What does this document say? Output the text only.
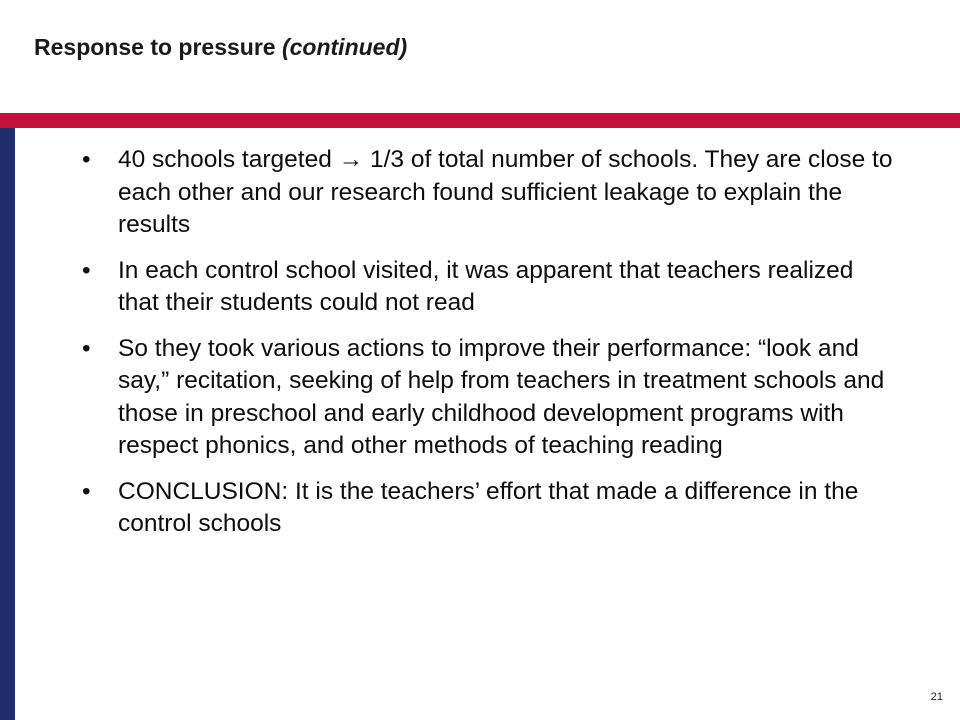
Response to pressure (continued)
• 40 schools targeted → 1/3 of total number of schools. They are close to each other and our research found sufficient leakage to explain the results
• In each control school visited, it was apparent that teachers realized that their students could not read
• So they took various actions to improve their performance: “look and say,” recitation, seeking of help from teachers in treatment schools and those in preschool and early childhood development programs with respect phonics, and other methods of teaching reading
• CONCLUSION: It is the teachers’ effort that made a difference in the control schools
21
